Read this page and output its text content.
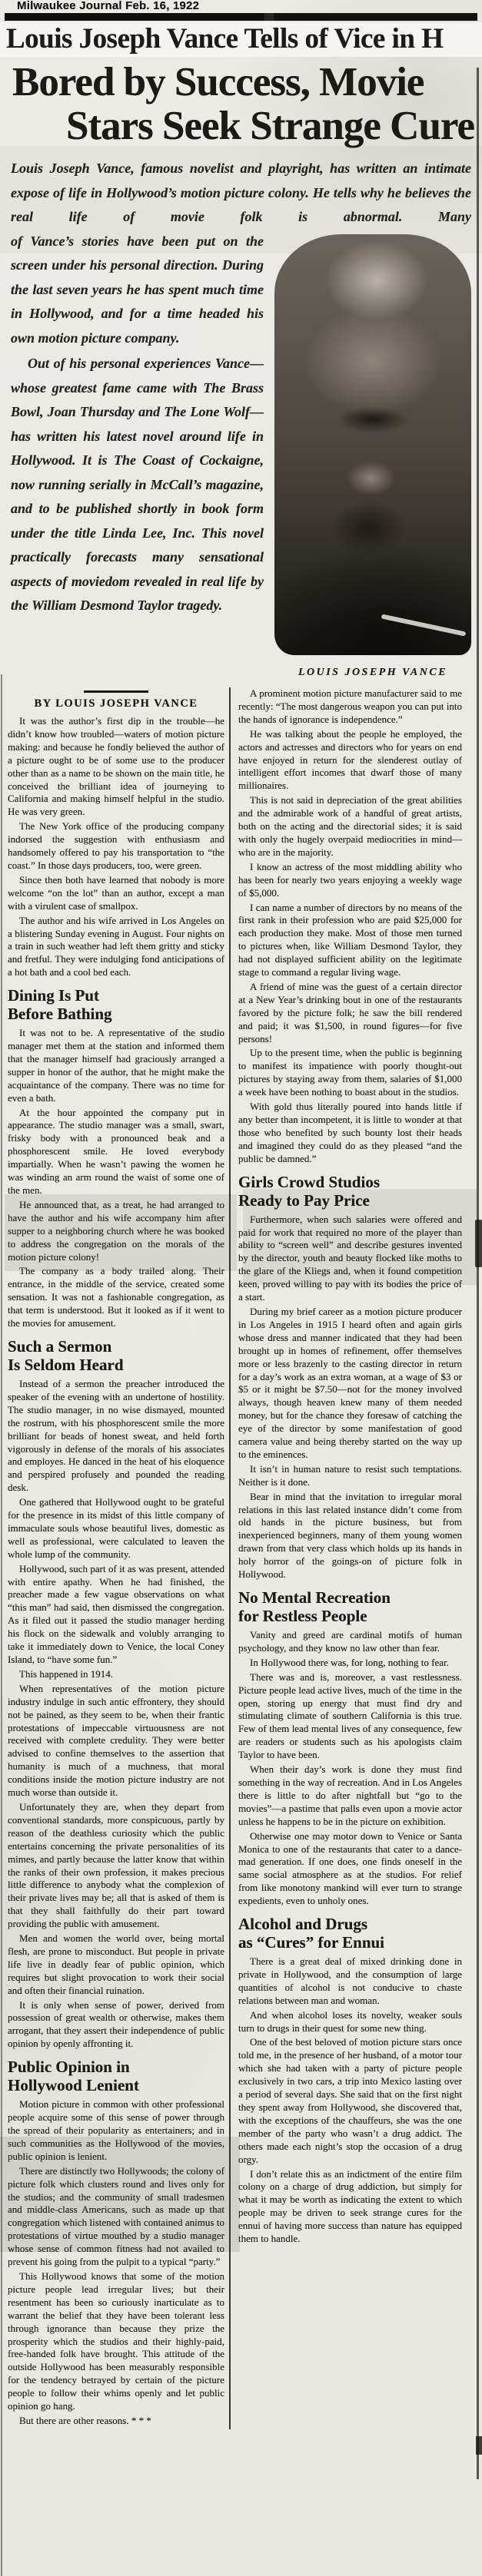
Milwaukee Journal Feb. 16, 1922
Louis Joseph Vance Tells of Vice in H
Bored by Success, Movie
Stars Seek Strange Cure

Louis Joseph Vance, famous novelist and playright, has written an intimate expose of life in Hollywood’s motion picture colony. He tells why he believes the real life of movie folk is abnormal. Many
LOUIS JOSEPH VANCE
of Vance’s stories have been put on the screen under his personal direction. During the last seven years he has spent much time in Hollywood, and for a time headed his own motion picture company.

Out of his personal experiences Vance—whose greatest fame came with The Brass Bowl, Joan Thursday and The Lone Wolf—has written his latest novel around life in Hollywood. It is The Coast of Cockaigne, now running serially in McCall’s magazine, and to be published shortly in book form under the title Linda Lee, Inc. This novel practically forecasts many sensational aspects of moviedom revealed in real life by the William Desmond Taylor tragedy.

BY LOUIS JOSEPH VANCE

It was the author’s first dip in the trouble—he didn’t know how troubled—waters of motion picture making: and because he fondly believed the author of a picture ought to be of some use to the producer other than as a name to be shown on the main title, he conceived the brilliant idea of journeying to California and making himself helpful in the studio. He was very green.

The New York office of the producing company indorsed the suggestion with enthusiasm and handsomely offered to pay his transportation to “the coast.” In those days producers, too, were green.

Since then both have learned that nobody is more welcome “on the lot” than an author, except a man with a virulent case of smallpox.

The author and his wife arrived in Los Angeles on a blistering Sunday evening in August. Four nights on a train in such weather had left them gritty and sticky and fretful. They were indulging fond anticipations of a hot bath and a cool bed each.

Dining Is Put
Before Bathing

It was not to be. A representative of the studio manager met them at the station and informed them that the manager himself had graciously arranged a supper in honor of the author, that he might make the acquaintance of the company. There was no time for even a bath.

At the hour appointed the company put in appearance. The studio manager was a small, swart, frisky body with a pronounced beak and a phosphorescent smile. He loved everybody impartially. When he wasn’t pawing the women he was winding an arm round the waist of some one of the men.

He announced that, as a treat, he had arranged to have the author and his wife accompany him after supper to a neighboring church where he was booked to address the congregation on the morals of the motion picture colony!

The company as a body trailed along. Their entrance, in the middle of the service, created some sensation. It was not a fashionable congregation, as that term is understood. But it looked as if it went to the movies for amusement.

Such a Sermon
Is Seldom Heard

Instead of a sermon the preacher introduced the speaker of the evening with an undertone of hostility. The studio manager, in no wise dismayed, mounted the rostrum, with his phosphorescent smile the more brilliant for beads of honest sweat, and held forth vigorously in defense of the morals of his associates and employes. He danced in the heat of his eloquence and perspired profusely and pounded the reading desk.

One gathered that Hollywood ought to be grateful for the presence in its midst of this little company of immaculate souls whose beautiful lives, domestic as well as professional, were calculated to leaven the whole lump of the community.

Hollywood, such part of it as was present, attended with entire apathy. When he had finished, the preacher made a few vague observations on what “this man” had said, then dismissed the congregation. As it filed out it passed the studio manager herding his flock on the sidewalk and volubly arranging to take it immediately down to Venice, the local Coney Island, to “have some fun.”

This happened in 1914.

When representatives of the motion picture industry indulge in such antic effrontery, they should not be pained, as they seem to be, when their frantic protestations of impeccable virtuousness are not received with complete credulity. They were better advised to confine themselves to the assertion that humanity is much of a muchness, that moral conditions inside the motion picture industry are not much worse than outside it.

Unfortunately they are, when they depart from conventional standards, more conspicuous, partly by reason of the deathless curiosity which the public entertains concerning the private personalities of its mimes, and partly because the latter know that within the ranks of their own profession, it makes precious little difference to anybody what the complexion of their private lives may be; all that is asked of them is that they shall faithfully do their part toward providing the public with amusement.

Men and women the world over, being mortal flesh, are prone to misconduct. But people in private life live in deadly fear of public opinion, which requires but slight provocation to work their social and often their financial ruination.

It is only when sense of power, derived from possession of great wealth or otherwise, makes them arrogant, that they assert their independence of public opinion by openly affronting it.

Public Opinion in
Hollywood Lenient

Motion picture in common with other professional people acquire some of this sense of power through the spread of their popularity as entertainers; and in such communities as the Hollywood of the movies, public opinion is lenient.

There are distinctly two Hollywoods; the colony of picture folk which clusters round and lives only for the studios; and the community of small tradesmen and middle-class Americans, such as made up that congregation which listened with contained animus to protestations of virtue mouthed by a studio manager whose sense of common fitness had not availed to prevent his going from the pulpit to a typical “party.”

This Hollywood knows that some of the motion picture people lead irregular lives; but their resentment has been so curiously inarticulate as to warrant the belief that they have been tolerant less through ignorance than because they prize the prosperity which the studios and their highly-paid, free-handed folk have brought. This attitude of the outside Hollywood has been measurably responsible for the tendency betrayed by certain of the picture people to follow their whims openly and let public opinion go hang.

But there are other reasons. * * *

A prominent motion picture manufacturer said to me recently: “The most dangerous weapon you can put into the hands of ignorance is independence.”

He was talking about the people he employed, the actors and actresses and directors who for years on end have enjoyed in return for the slenderest outlay of intelligent effort incomes that dwarf those of many millionaires.

This is not said in depreciation of the great abilities and the admirable work of a handful of great artists, both on the acting and the directorial sides; it is said with only the hugely overpaid mediocrities in mind—who are in the majority.

I know an actress of the most middling ability who has been for nearly two years enjoying a weekly wage of $5,000.

I can name a number of directors by no means of the first rank in their profession who are paid $25,000 for each production they make. Most of those men turned to pictures when, like William Desmond Taylor, they had not displayed sufficient ability on the legitimate stage to command a regular living wage.

A friend of mine was the guest of a certain director at a New Year’s drinking bout in one of the restaurants favored by the picture folk; he saw the bill rendered and paid; it was $1,500, in round figures—for five persons!

Up to the present time, when the public is beginning to manifest its impatience with poorly thought-out pictures by staying away from them, salaries of $1,000 a week have been nothing to boast about in the studios.

With gold thus literally poured into hands little if any better than incompetent, it is little to wonder at that those who benefited by such bounty lost their heads and imagined they could do as they pleased “and the public be damned.”

Girls Crowd Studios
Ready to Pay Price

Furthermore, when such salaries were offered and paid for work that required no more of the player than ability to “screen well” and describe gestures invented by the director, youth and beauty flocked like moths to the glare of the Kliegs and, when it found competition keen, proved willing to pay with its bodies the price of a start.

During my brief career as a motion picture producer in Los Angeles in 1915 I heard often and again girls whose dress and manner indicated that they had been brought up in homes of refinement, offer themselves more or less brazenly to the casting director in return for a day’s work as an extra woman, at a wage of $3 or $5 or it might be $7.50—not for the money involved always, though heaven knew many of them needed money, but for the chance they foresaw of catching the eye of the director by some manifestation of good camera value and being thereby started on the way up to the eminences.

It isn’t in human nature to resist such temptations. Neither is it done.

Bear in mind that the invitation to irregular moral relations in this last related instance didn’t come from old hands in the picture business, but from inexperienced beginners, many of them young women drawn from that very class which holds up its hands in holy horror of the goings-on of picture folk in Hollywood.

No Mental Recreation
for Restless People

Vanity and greed are cardinal motifs of human psychology, and they know no law other than fear.

In Hollywood there was, for long, nothing to fear.

There was and is, moreover, a vast restlessness. Picture people lead active lives, much of the time in the open, storing up energy that must find dry and stimulating climate of southern California is this true. Few of them lead mental lives of any consequence, few are readers or students such as his apologists claim Taylor to have been.

When their day’s work is done they must find something in the way of recreation. And in Los Angeles there is little to do after nightfall but “go to the movies”—a pastime that palls even upon a movie actor unless he happens to be in the picture on exhibition.

Otherwise one may motor down to Venice or Santa Monica to one of the restaurants that cater to a dance-mad generation. If one does, one finds oneself in the same social atmosphere as at the studios. For relief from like monotony mankind will ever turn to strange expedients, even to unholy ones.

Alcohol and Drugs
as “Cures” for Ennui

There is a great deal of mixed drinking done in private in Hollywood, and the consumption of large quantities of alcohol is not conducive to chaste relations between man and woman.

And when alcohol loses its novelty, weaker souls turn to drugs in their quest for some new thing.

One of the best beloved of motion picture stars once told me, in the presence of her husband, of a motor tour which she had taken with a party of picture people exclusively in two cars, a trip into Mexico lasting over a period of several days. She said that on the first night they spent away from Hollywood, she discovered that, with the exceptions of the chauffeurs, she was the one member of the party who wasn’t a drug addict. The others made each night’s stop the occasion of a drug orgy.

I don’t relate this as an indictment of the entire film colony on a charge of drug addiction, but simply for what it may be worth as indicating the extent to which people may be driven to seek strange cures for the ennui of having more success than nature has equipped them to handle.
